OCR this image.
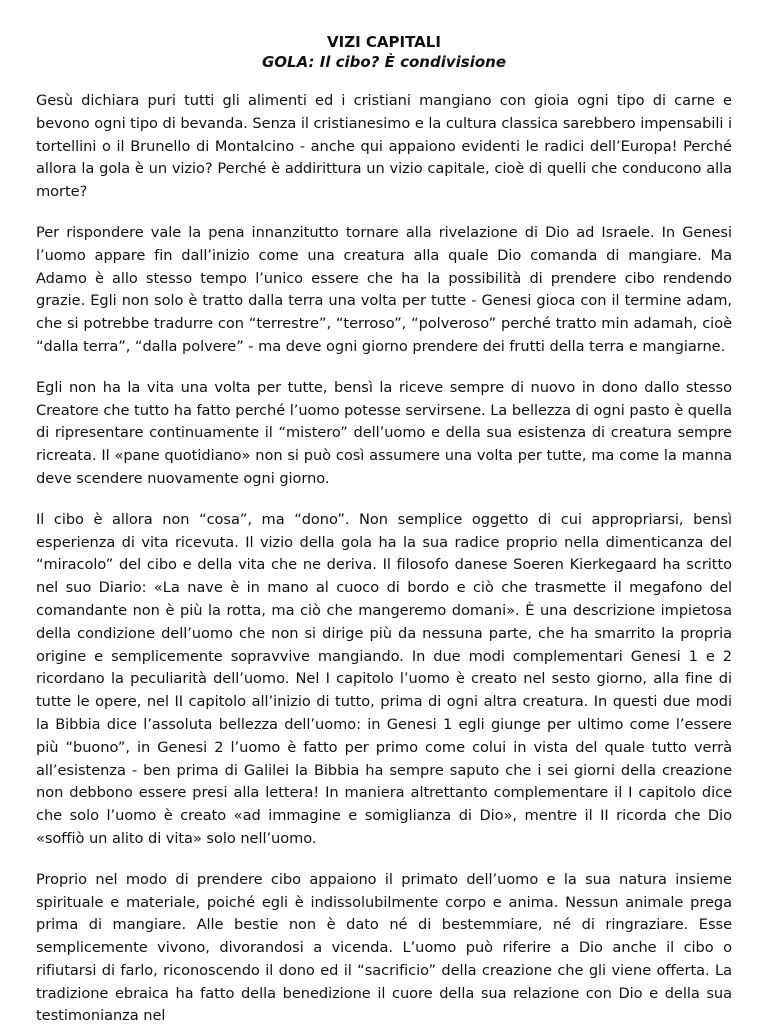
VIZI CAPITALI
GOLA: Il cibo? È condivisione

Gesù dichiara puri tutti gli alimenti ed i cristiani mangiano con gioia ogni tipo di carne e bevono ogni tipo di bevanda. Senza il cristianesimo e la cultura classica sarebbero impensabili i tortellini o il Brunello di Montalcino - anche qui appaiono evidenti le radici dell’Europa! Perché allora la gola è un vizio? Perché è addirittura un vizio capitale, cioè di quelli che conducono alla morte?

Per rispondere vale la pena innanzitutto tornare alla rivelazione di Dio ad Israele. In Genesi l’uomo appare fin dall’inizio come una creatura alla quale Dio comanda di mangiare. Ma Adamo è allo stesso tempo l’unico essere che ha la possibilità di prendere cibo rendendo grazie. Egli non solo è tratto dalla terra una volta per tutte - Genesi gioca con il termine adam, che si potrebbe tradurre con “terrestre”, “terroso”, “polveroso” perché tratto min adamah, cioè “dalla terra”, “dalla polvere” - ma deve ogni giorno prendere dei frutti della terra e mangiarne.

Egli non ha la vita una volta per tutte, bensì la riceve sempre di nuovo in dono dallo stesso Creatore che tutto ha fatto perché l’uomo potesse servirsene. La bellezza di ogni pasto è quella di ripresentare continuamente il “mistero” dell’uomo e della sua esistenza di creatura sempre ricreata. Il «pane quotidiano» non si può così assumere una volta per tutte, ma come la manna deve scendere nuovamente ogni giorno.

Il cibo è allora non “cosa”, ma “dono”. Non semplice oggetto di cui appropriarsi, bensì esperienza di vita ricevuta. Il vizio della gola ha la sua radice proprio nella dimenticanza del “miracolo” del cibo e della vita che ne deriva. Il filosofo danese Soeren Kierkegaard ha scritto nel suo Diario: «La nave è in mano al cuoco di bordo e ciò che trasmette il megafono del comandante non è più la rotta, ma ciò che mangeremo domani». È una descrizione impietosa della condizione dell’uomo che non si dirige più da nessuna parte, che ha smarrito la propria origine e semplicemente sopravvive mangiando. In due modi complementari Genesi 1 e 2 ricordano la peculiarità dell’uomo. Nel I capitolo l’uomo è creato nel sesto giorno, alla fine di tutte le opere, nel II capitolo all’inizio di tutto, prima di ogni altra creatura. In questi due modi la Bibbia dice l’assoluta bellezza dell’uomo: in Genesi 1 egli giunge per ultimo come l’essere più “buono”, in Genesi 2 l’uomo è fatto per primo come colui in vista del quale tutto verrà all’esistenza - ben prima di Galilei la Bibbia ha sempre saputo che i sei giorni della creazione non debbono essere presi alla lettera! In maniera altrettanto complementare il I capitolo dice che solo l’uomo è creato «ad immagine e somiglianza di Dio», mentre il II ricorda che Dio «soffiò un alito di vita» solo nell’uomo.

Proprio nel modo di prendere cibo appaiono il primato dell’uomo e la sua natura insieme spirituale e materiale, poiché egli è indissolubilmente corpo e anima. Nessun animale prega prima di mangiare. Alle bestie non è dato né di bestemmiare, né di ringraziare. Esse semplicemente vivono, divorandosi a vicenda. L’uomo può riferire a Dio anche il cibo o rifiutarsi di farlo, riconoscendo il dono ed il “sacrificio” della creazione che gli viene offerta. La tradizione ebraica ha fatto della benedizione il cuore della sua relazione con Dio e della sua testimonianza nel
